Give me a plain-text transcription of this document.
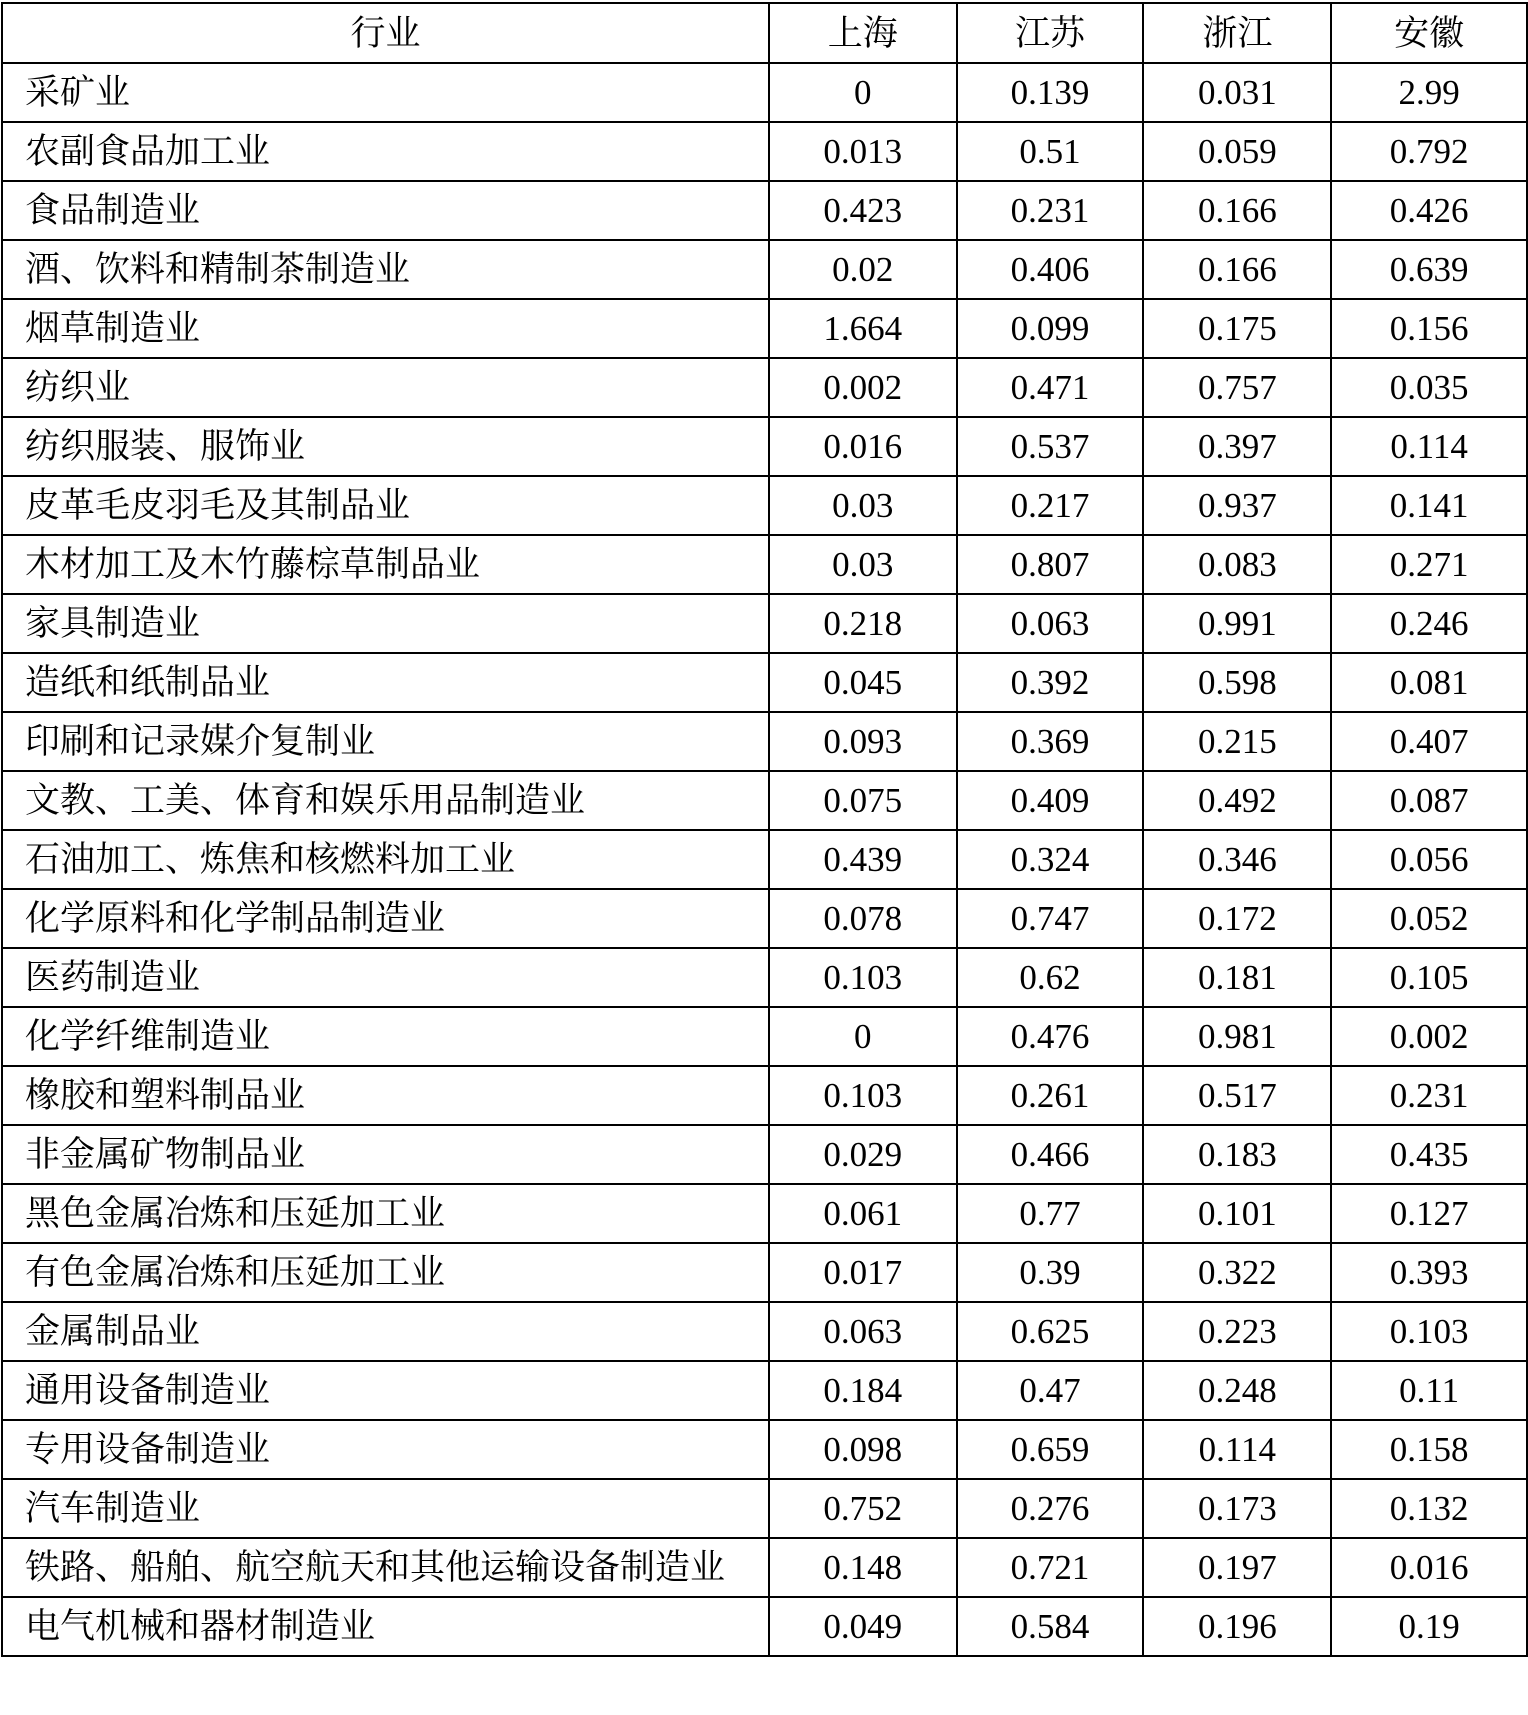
行业	上海	江苏	浙江	安徽
采矿业	0	0.139	0.031	2.99
农副食品加工业	0.013	0.51	0.059	0.792
食品制造业	0.423	0.231	0.166	0.426
酒、饮料和精制茶制造业	0.02	0.406	0.166	0.639
烟草制造业	1.664	0.099	0.175	0.156
纺织业	0.002	0.471	0.757	0.035
纺织服装、服饰业	0.016	0.537	0.397	0.114
皮革毛皮羽毛及其制品业	0.03	0.217	0.937	0.141
木材加工及木竹藤棕草制品业	0.03	0.807	0.083	0.271
家具制造业	0.218	0.063	0.991	0.246
造纸和纸制品业	0.045	0.392	0.598	0.081
印刷和记录媒介复制业	0.093	0.369	0.215	0.407
文教、工美、体育和娱乐用品制造业	0.075	0.409	0.492	0.087
石油加工、炼焦和核燃料加工业	0.439	0.324	0.346	0.056
化学原料和化学制品制造业	0.078	0.747	0.172	0.052
医药制造业	0.103	0.62	0.181	0.105
化学纤维制造业	0	0.476	0.981	0.002
橡胶和塑料制品业	0.103	0.261	0.517	0.231
非金属矿物制品业	0.029	0.466	0.183	0.435
黑色金属冶炼和压延加工业	0.061	0.77	0.101	0.127
有色金属冶炼和压延加工业	0.017	0.39	0.322	0.393
金属制品业	0.063	0.625	0.223	0.103
通用设备制造业	0.184	0.47	0.248	0.11
专用设备制造业	0.098	0.659	0.114	0.158
汽车制造业	0.752	0.276	0.173	0.132
铁路、船舶、航空航天和其他运输设备制造业	0.148	0.721	0.197	0.016
电气机械和器材制造业	0.049	0.584	0.196	0.19
